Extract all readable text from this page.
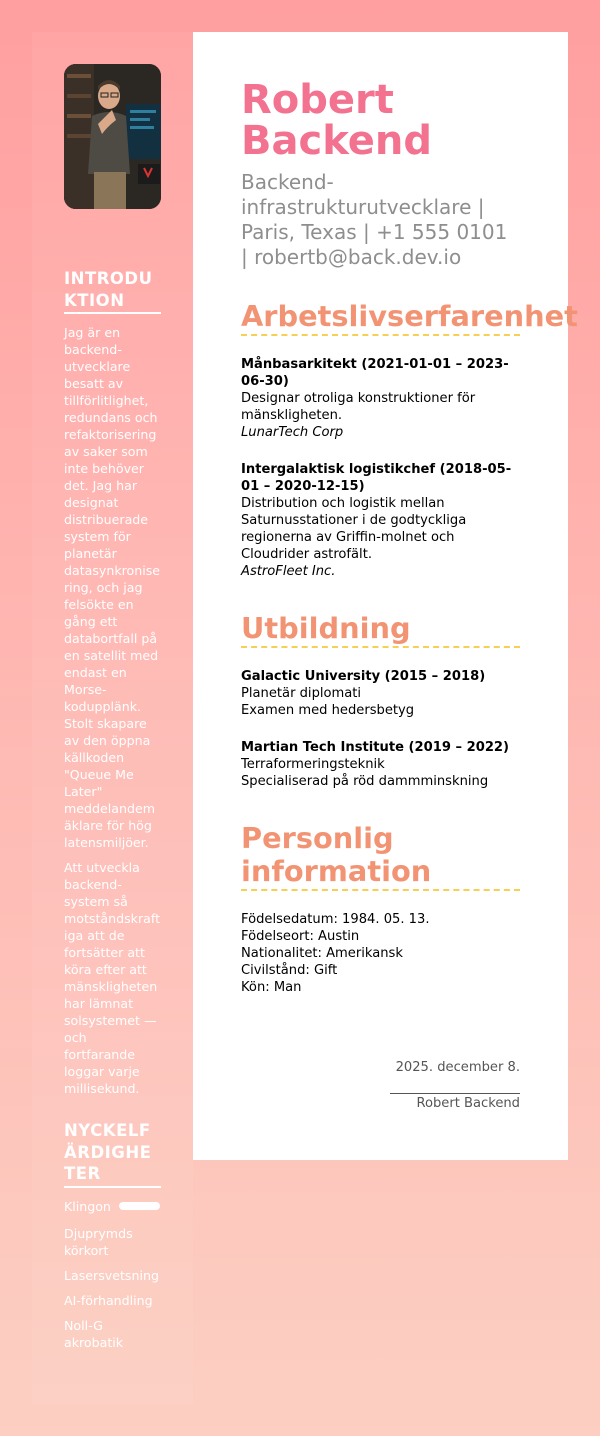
INTRODUKTION

Jag är en backend-utvecklare besatt av tillförlitlighet, redundans och refaktorisering av saker som inte behöver det. Jag har designat distribuerade system för planetär datasynkronisering, och jag felsökte en gång ett databortfall på en satellit med endast en Morse-kodupplänk. Stolt skapare av den öppna källkoden "Queue Me Later" meddelandemäklare för hög latensmiljöer.

Att utveckla backend-system så motståndskraftiga att de fortsätter att köra efter att mänskligheten har lämnat solsystemet — och fortfarande loggar varje millisekund.

NYCKELFÄRDIGHETER
Klingon
Djuprymds körkort
Lasersvetsning
AI-förhandling
Noll-G akrobatik
Robert Backend
Backend-infrastrukturutvecklare | Paris, Texas | +1 555 0101 | robertb@back.dev.io
Arbetslivserfarenhet
Månbasarkitekt (2021-01-01 – 2023-06-30)
Designar otroliga konstruktioner för mänskligheten.
LunarTech Corp
Intergalaktisk logistikchef (2018-05-01 – 2020-12-15)
Distribution och logistik mellan Saturnusstationer i de godtyckliga regionerna av Griffin-molnet och Cloudrider astrofält.
AstroFleet Inc.
Utbildning
Galactic University (2015 – 2018)
Planetär diplomati
Examen med hedersbetyg
Martian Tech Institute (2019 – 2022)
Terraformeringsteknik
Specialiserad på röd dammminskning
Personlig information
Födelsedatum: 1984. 05. 13.
Födelseort: Austin
Nationalitet: Amerikansk
Civilstånd: Gift
Kön: Man
2025. december 8.
Robert Backend
